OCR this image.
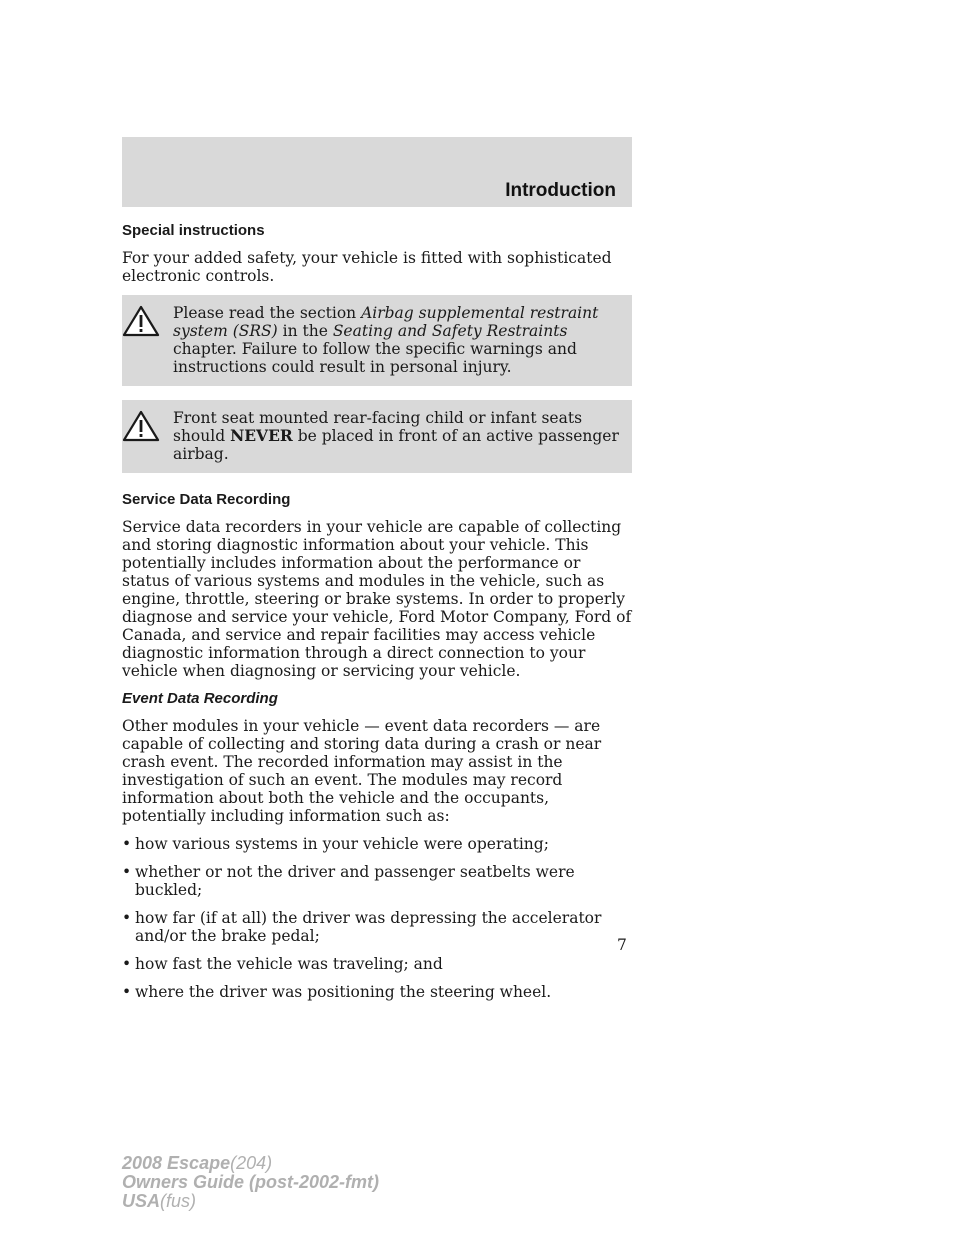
Introduction
Special instructions

For your added safety, your vehicle is fitted with sophisticated electronic controls.

Please read the section Airbag supplemental restraint system (SRS) in the Seating and Safety Restraints chapter. Failure to follow the specific warnings and instructions could result in personal injury.
Front seat mounted rear-facing child or infant seats should NEVER be placed in front of an active passenger airbag.
Service Data Recording

Service data recorders in your vehicle are capable of collecting and storing diagnostic information about your vehicle. This potentially includes information about the performance or status of various systems and modules in the vehicle, such as engine, throttle, steering or brake systems. In order to properly diagnose and service your vehicle, Ford Motor Company, Ford of Canada, and service and repair facilities may access vehicle diagnostic information through a direct connection to your vehicle when diagnosing or servicing your vehicle.

Event Data Recording

Other modules in your vehicle — event data recorders — are capable of collecting and storing data during a crash or near crash event. The recorded information may assist in the investigation of such an event. The modules may record information about both the vehicle and the occupants, potentially including information such as:

• how various systems in your vehicle were operating;
• whether or not the driver and passenger seatbelts were buckled;
• how far (if at all) the driver was depressing the accelerator and/or the brake pedal;
• how fast the vehicle was traveling; and
• where the driver was positioning the steering wheel.
7
2008 Escape(204)
Owners Guide (post-2002-fmt)
USA(fus)
